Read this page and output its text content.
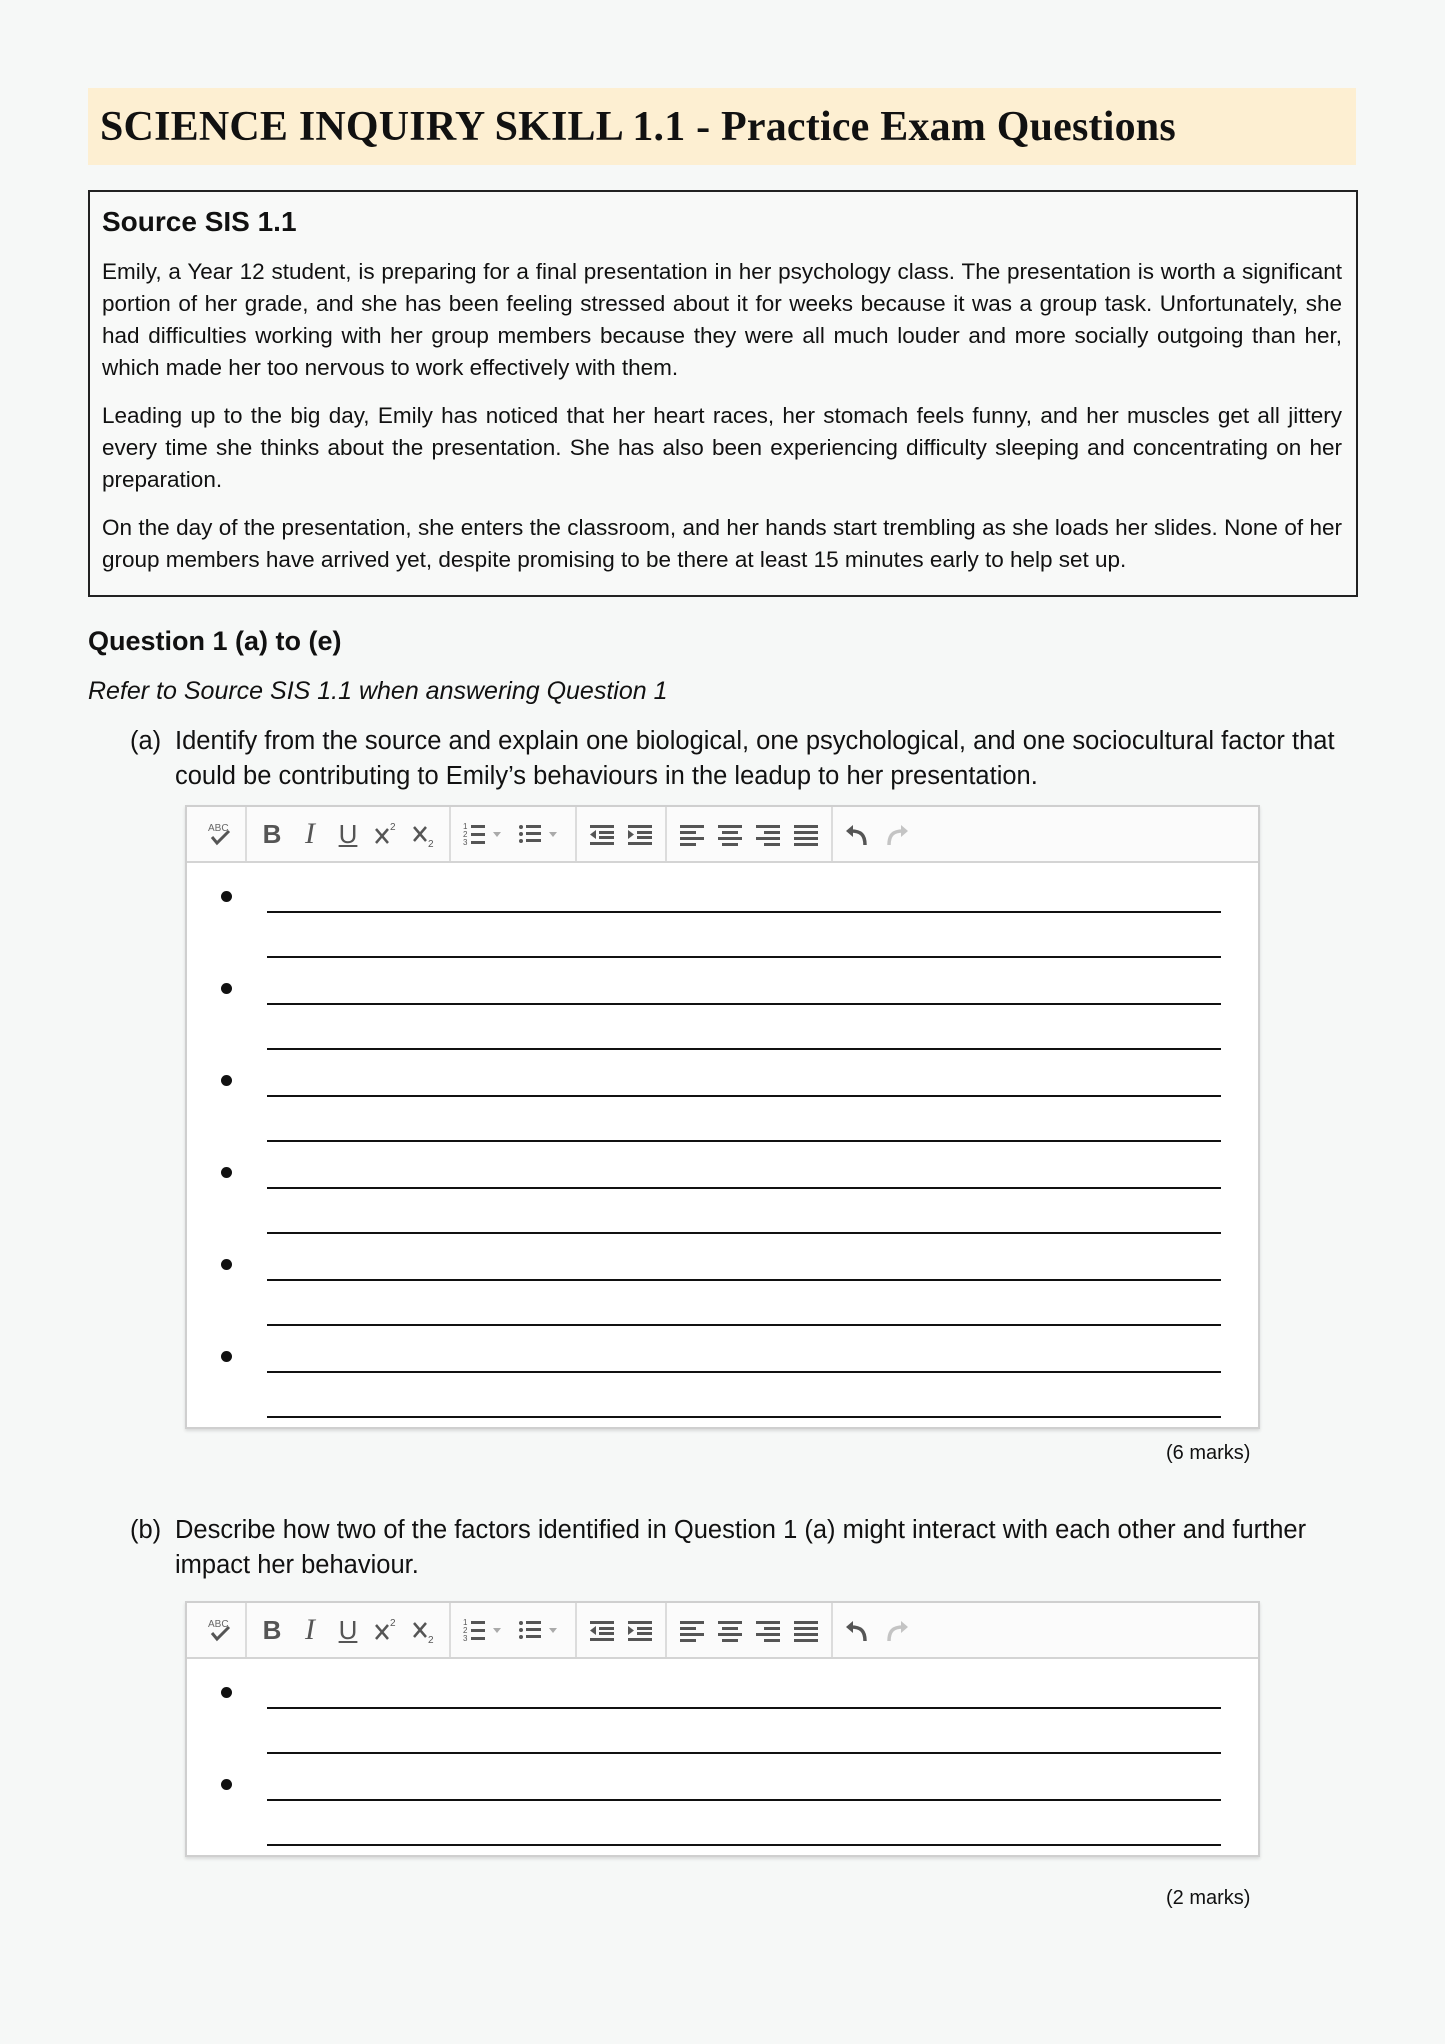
SCIENCE INQUIRY SKILL 1.1 - Practice Exam Questions
Source SIS 1.1

Emily, a Year 12 student, is preparing for a final presentation in her psychology class. The presentation is worth a significant portion of her grade, and she has been feeling stressed about it for weeks because it was a group task. Unfortunately, she had difficulties working with her group members because they were all much louder and more socially outgoing than her, which made her too nervous to work effectively with them.

Leading up to the big day, Emily has noticed that her heart races, her stomach feels funny, and her muscles get all jittery every time she thinks about the presentation. She has also been experiencing difficulty sleeping and concentrating on her preparation.

On the day of the presentation, she enters the classroom, and her hands start trembling as she loads her slides. None of her group members have arrived yet, despite promising to be there at least 15 minutes early to help set up.

Question 1 (a) to (e)

Refer to Source SIS 1.1 when answering Question 1

(a) Identify from the source and explain one biological, one psychological, and one sociocultural factor that could be contributing to Emily’s behaviours in the leadup to her presentation.
ABC	B I U	2
2
1
2
3
(6 marks)
(b) Describe how two of the factors identified in Question 1 (a) might interact with each other and further impact her behaviour.
ABC	B I U	2
2
1
2
3
(2 marks)
